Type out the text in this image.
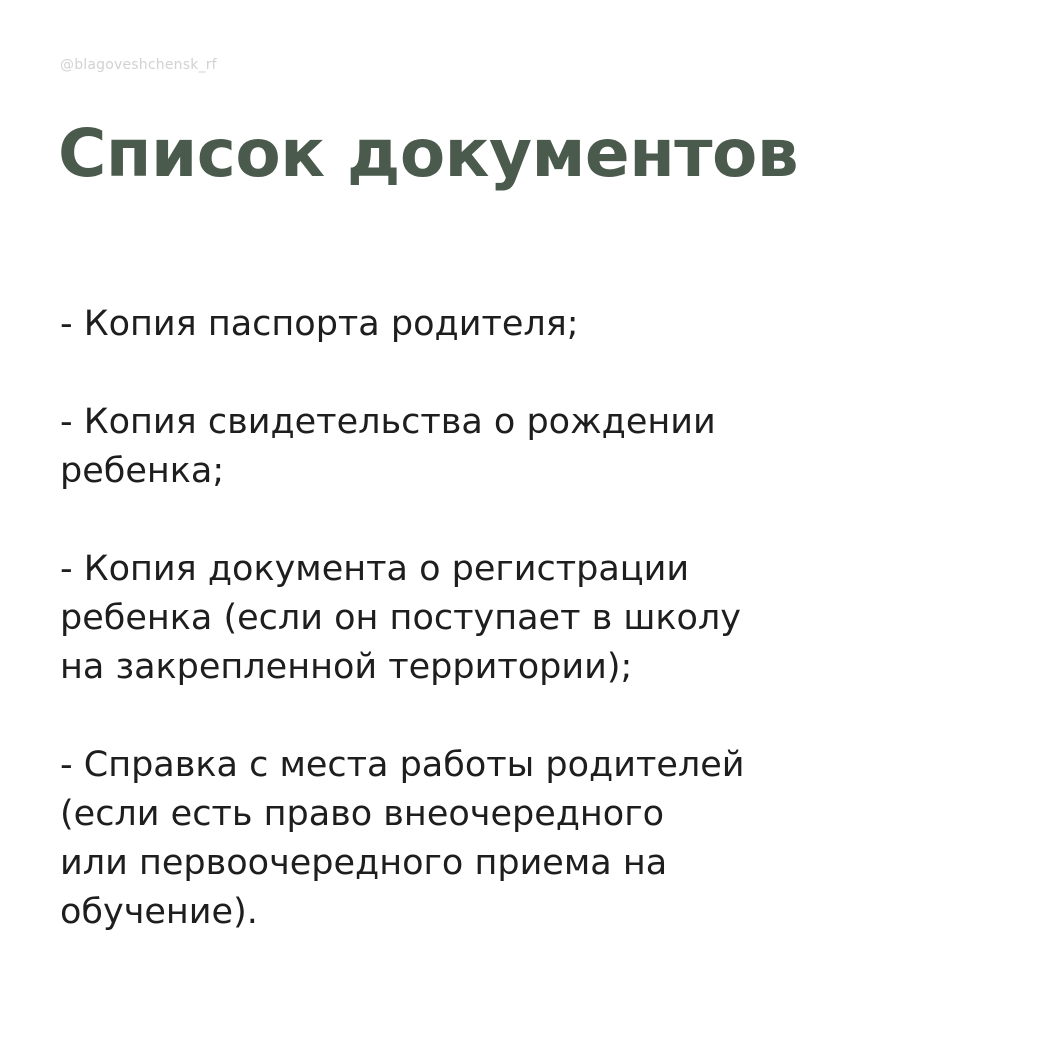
@blagoveshchensk_rf
Список документов
- Копия паспорта родителя;
- Копия свидетельства о рождении
ребенка;
- Копия документа о регистрации
ребенка (если он поступает в школу
на закрепленной территории);
- Справка с места работы родителей
(если есть право внеочередного
или первоочередного приема на
обучение).
